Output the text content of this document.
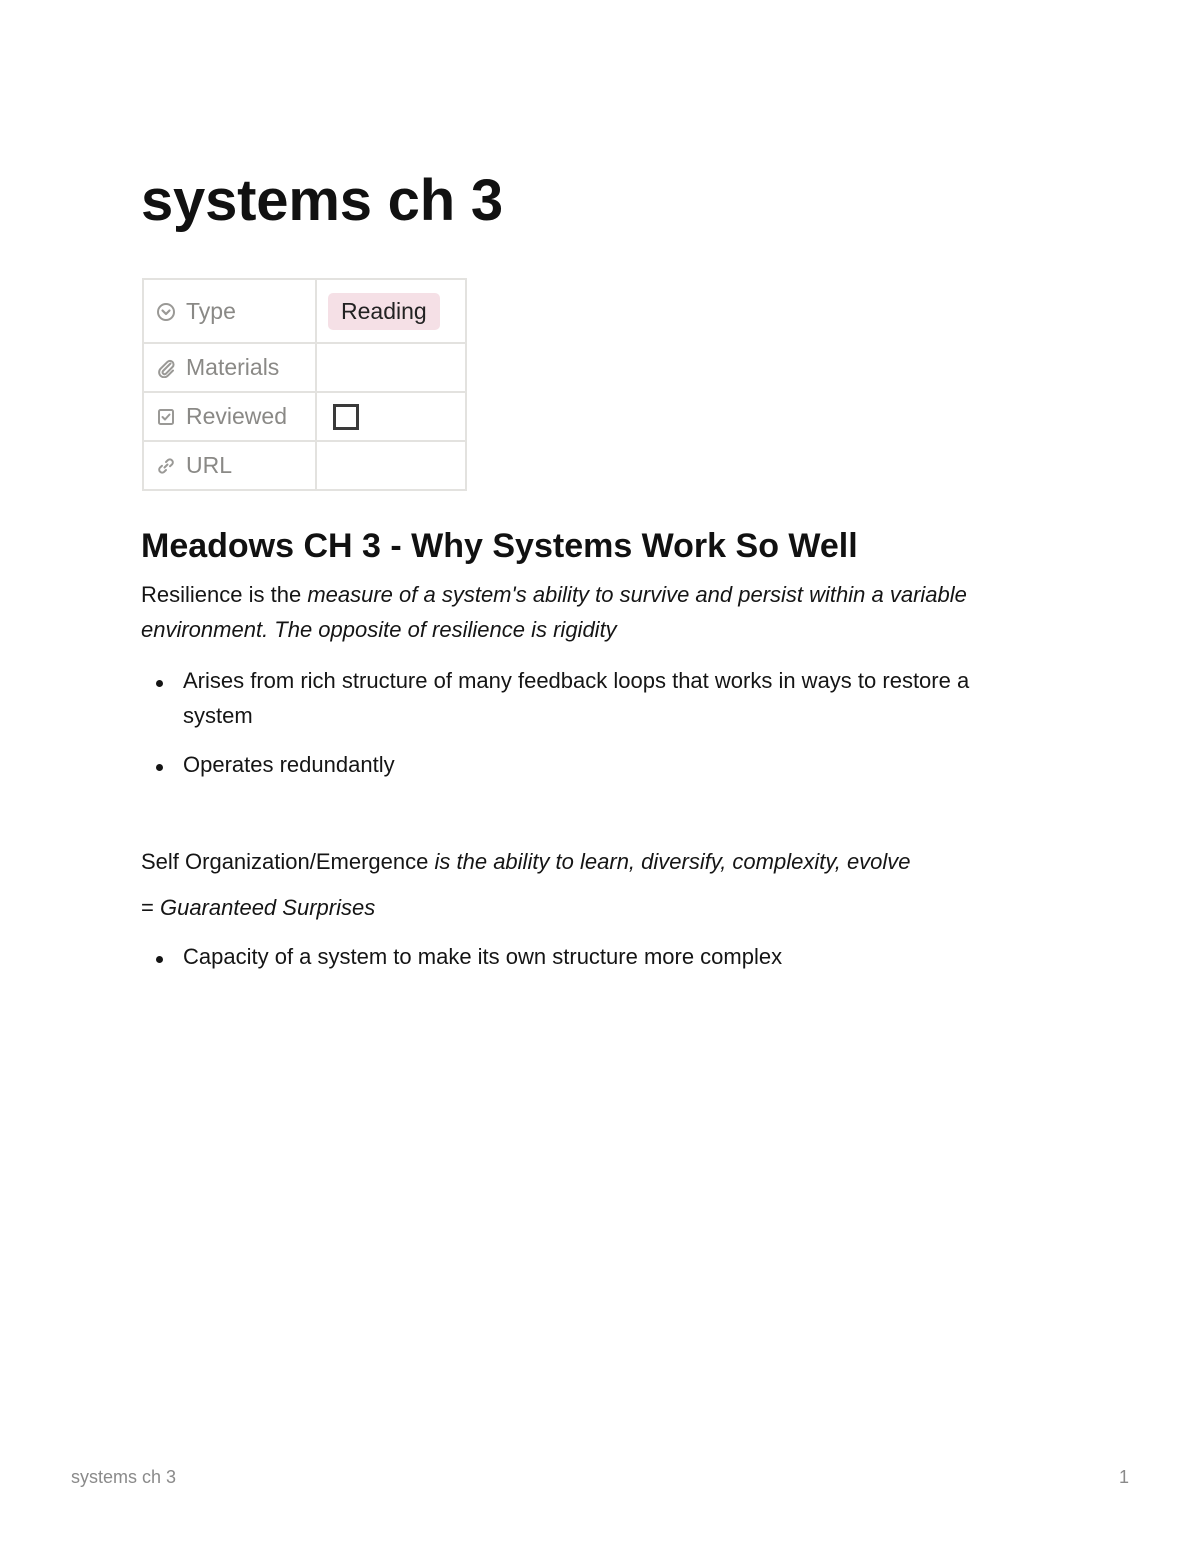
systems ch 3
Type	Reading

Materials	

Reviewed	

URL	
Meadows CH 3 - Why Systems Work So Well

Resilience is the measure of a system's ability to survive and persist within a variable

environment. The opposite of resilience is rigidity

Arises from rich structure of many feedback loops that works in ways to restore a

system

Operates redundantly

Self Organization/Emergence is the ability to learn, diversify, complexity, evolve

= Guaranteed Surprises

Capacity of a system to make its own structure more complex

systems ch 3	1
